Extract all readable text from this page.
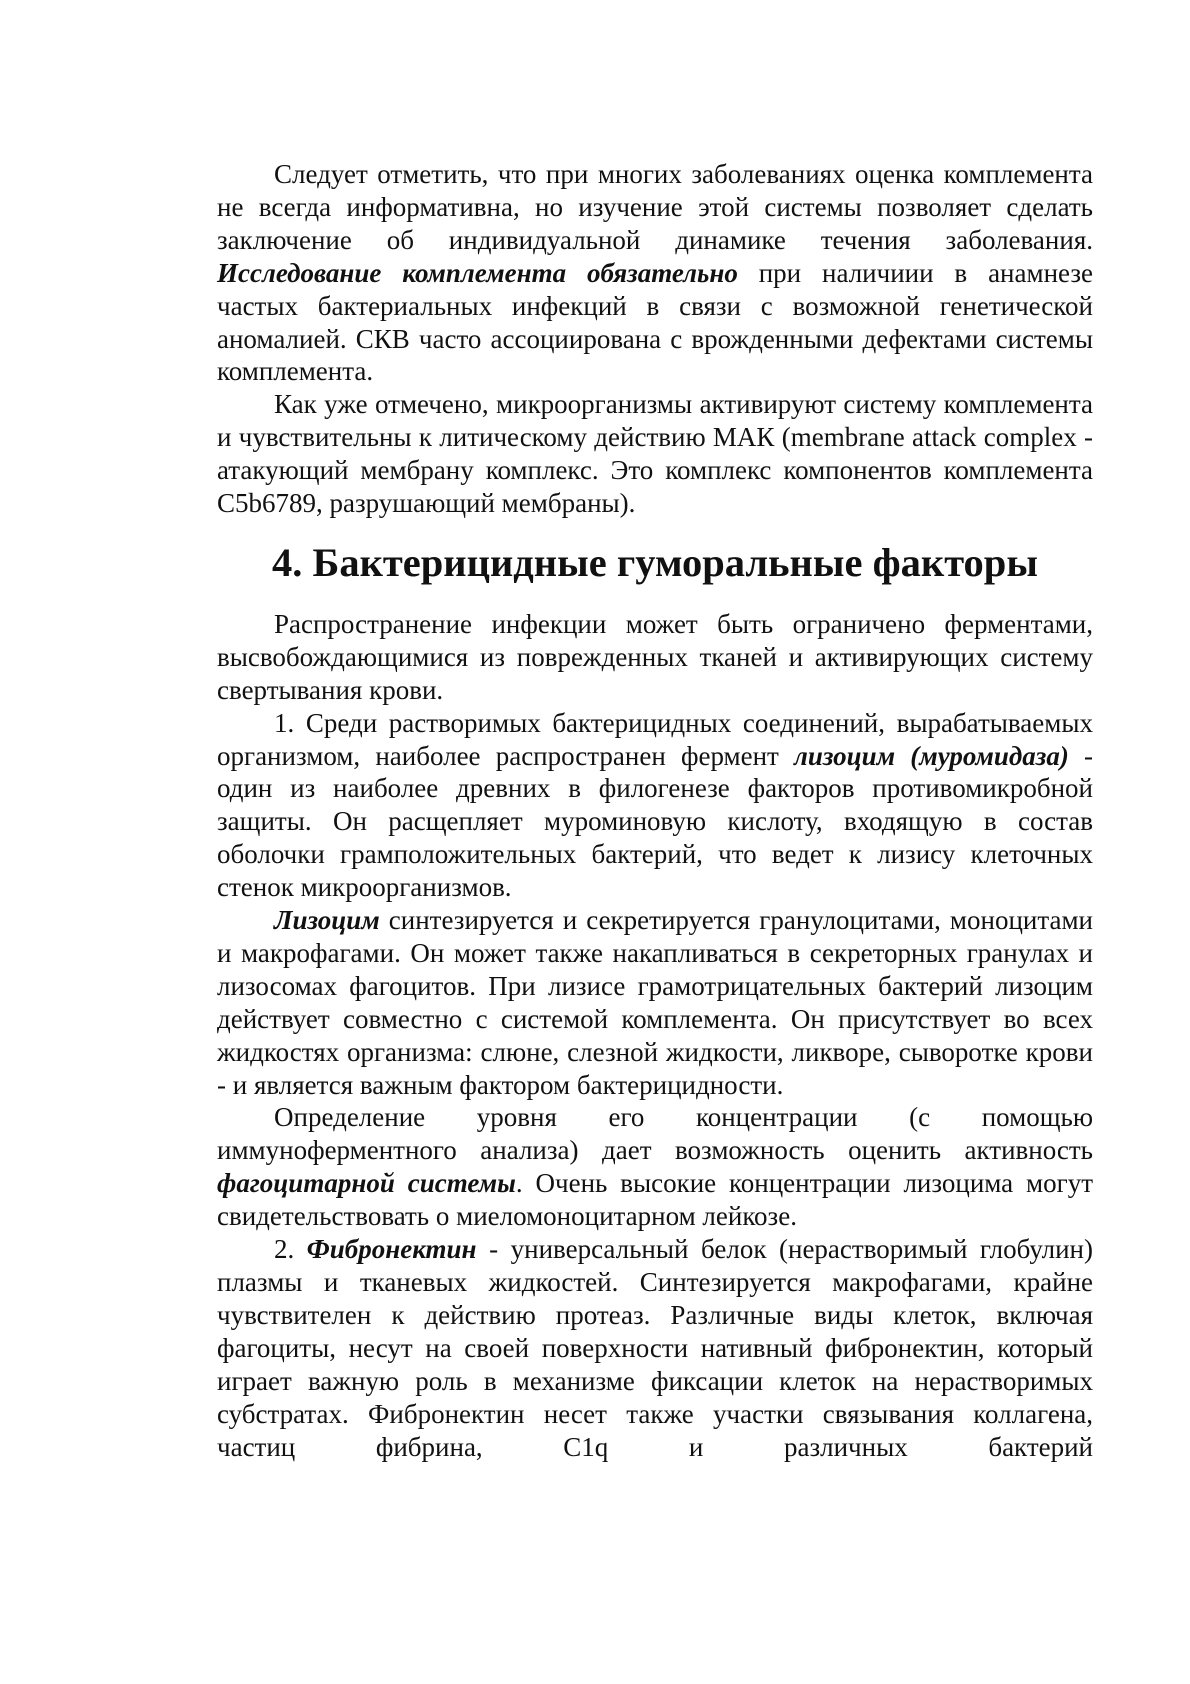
Следует отметить, что при многих заболеваниях оценка комплемента не всегда информативна, но изучение этой системы позволяет сделать заключение об индивидуальной динамике течения заболевания. Исследование комплемента обязательно при наличиии в анамнезе частых бактериальных инфекций в связи с возможной генетической аномалией. СКВ часто ассоциирована с врожденными дефектами системы комплемента.

Как уже отмечено, микроорганизмы активируют систему комплемента и чувствительны к литическому действию МАК (membrane attack complex - атакующий мембрану комплекс. Это комплекс компонентов комплемента C5b6789, разрушающий мембраны).

4. Бактерицидные гуморальные факторы

Распространение инфекции может быть ограничено ферментами, высвобождающимися из поврежденных тканей и активирующих систему свертывания крови.

1. Среди растворимых бактерицидных соединений, вырабатываемых организмом, наиболее распространен фермент лизоцим (муромидаза) - один из наиболее древних в филогенезе факторов противомикробной защиты. Он расщепляет муроминовую кислоту, входящую в состав оболочки грамположительных бактерий, что ведет к лизису клеточных стенок микроорганизмов.

Лизоцим синтезируется и секретируется гранулоцитами, моноцитами и макрофагами. Он может также накапливаться в секреторных гранулах и лизосомах фагоцитов. При лизисе грамотрицательных бактерий лизоцим действует совместно с системой комплемента. Он присутствует во всех жидкостях организма: слюне, слезной жидкости, ликворе, сыворотке крови - и является важным фактором бактерицидности.

Определение уровня его концентрации (с помощью иммуноферментного анализа) дает возможность оценить активность фагоцитарной системы. Очень высокие концентрации лизоцима могут свидетельствовать о миеломоноцитарном лейкозе.

2. Фибронектин - универсальный белок (нерастворимый глобулин) плазмы и тканевых жидкостей. Синтезируется макрофагами, крайне чувствителен к действию протеаз. Различные виды клеток, включая фагоциты, несут на своей поверхности нативный фибронектин, который играет важную роль в механизме фиксации клеток на нерастворимых субстратах. Фибронектин несет также участки связывания коллагена, частиц фибрина, C1q и различных бактерий
